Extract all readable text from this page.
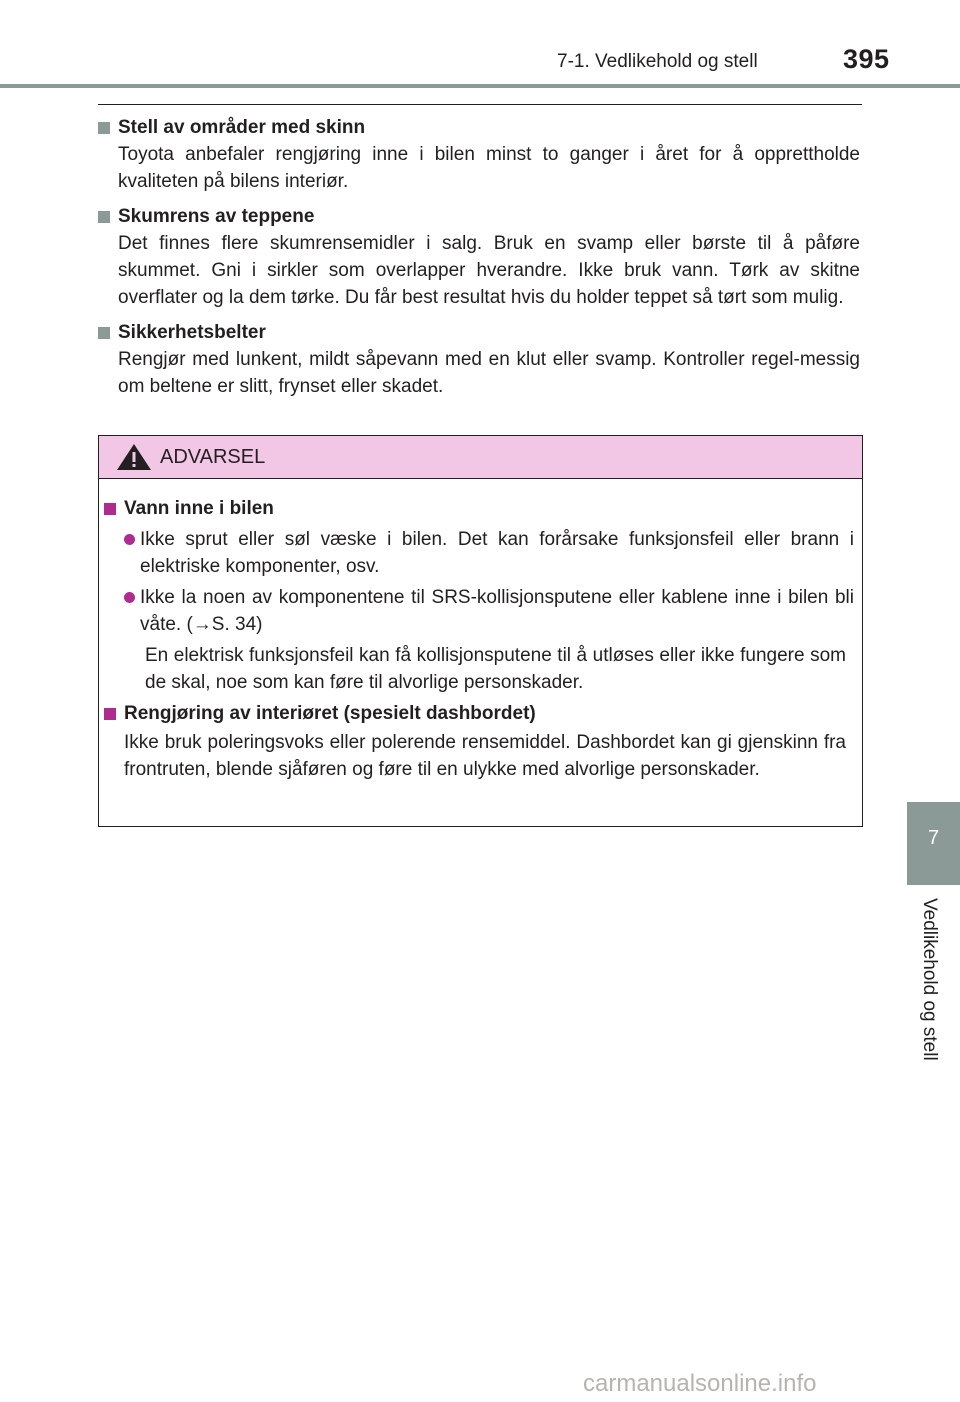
7-1. Vedlikehold og stell	395
7
Vedlikehold og stell
Stell av områder med skinn
Toyota anbefaler rengjøring inne i bilen minst to ganger i året for å opprettholde kvaliteten på bilens interiør.
Skumrens av teppene
Det finnes flere skumrensemidler i salg. Bruk en svamp eller børste til å påføre skummet. Gni i sirkler som overlapper hverandre. Ikke bruk vann. Tørk av skitne overflater og la dem tørke. Du får best resultat hvis du holder teppet så tørt som mulig.
Sikkerhetsbelter
Rengjør med lunkent, mildt såpevann med en klut eller svamp. Kontroller regel-messig om beltene er slitt, frynset eller skadet.
ADVARSEL
Vann inne i bilen
Ikke sprut eller søl væske i bilen. Det kan forårsake funksjonsfeil eller brann i elektriske komponenter, osv.
Ikke la noen av komponentene til SRS-kollisjonsputene eller kablene inne i bilen bli våte. (→S. 34)
En elektrisk funksjonsfeil kan få kollisjonsputene til å utløses eller ikke fungere som de skal, noe som kan føre til alvorlige personskader.
Rengjøring av interiøret (spesielt dashbordet)
Ikke bruk poleringsvoks eller polerende rensemiddel. Dashbordet kan gi gjenskinn fra frontruten, blende sjåføren og føre til en ulykke med alvorlige personskader.
carmanualsonline.info
